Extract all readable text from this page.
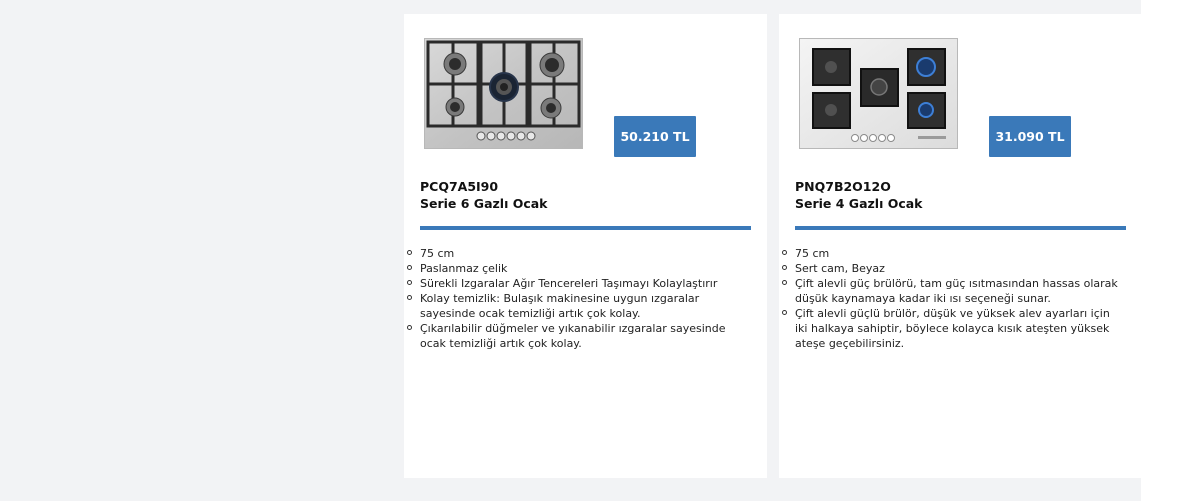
50.210 TL
PCQ7A5I90
Serie 6 Gazlı Ocak
75 cm
Paslanmaz çelik
Sürekli Izgaralar Ağır Tencereleri Taşımayı Kolaylaştırır
Kolay temizlik: Bulaşık makinesine uygun ızgaralar sayesinde ocak temizliği artık çok kolay.
Çıkarılabilir düğmeler ve yıkanabilir ızgaralar sayesinde ocak temizliği artık çok kolay.
31.090 TL
PNQ7B2O12O
Serie 4 Gazlı Ocak
75 cm
Sert cam, Beyaz
Çift alevli güç brülörü, tam güç ısıtmasından hassas olarak düşük kaynamaya kadar iki ısı seçeneği sunar.
Çift alevli güçlü brülör, düşük ve yüksek alev ayarları için iki halkaya sahiptir, böylece kolayca kısık ateşten yüksek ateşe geçebilirsiniz.
